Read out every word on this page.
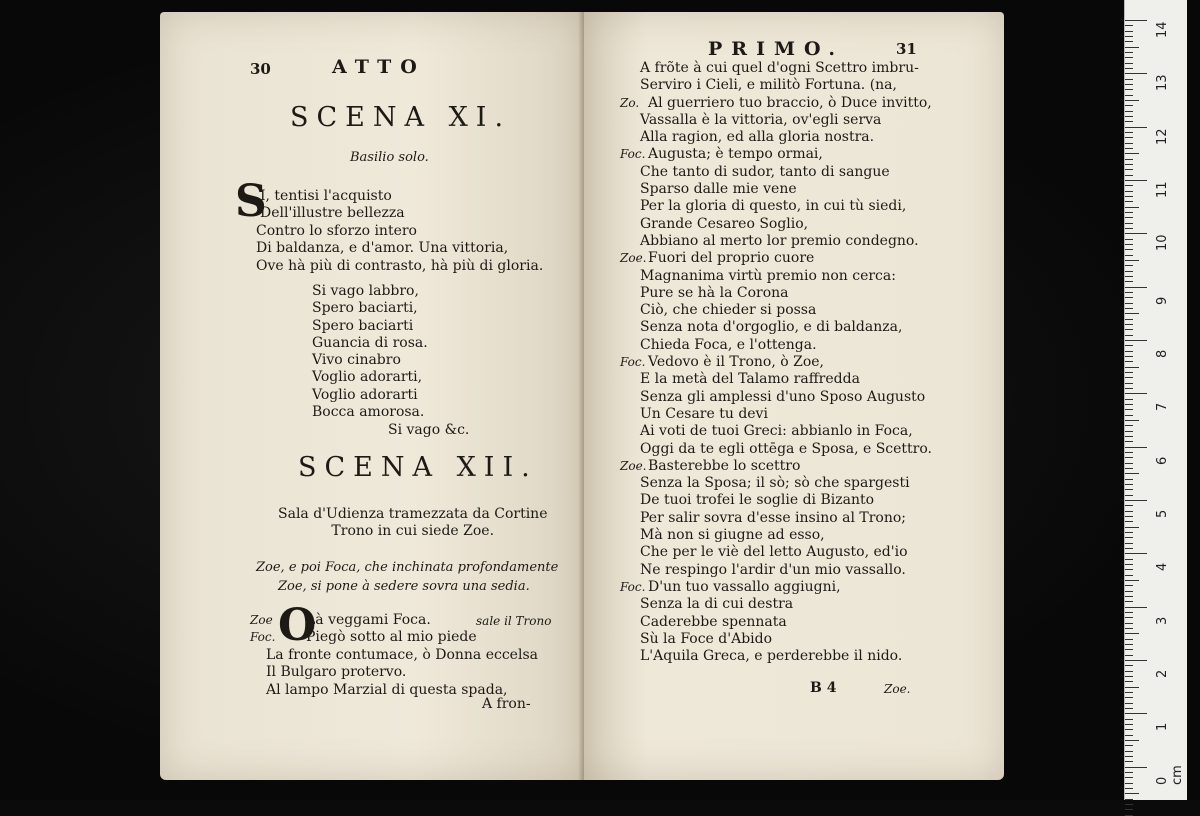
30	ATTO
SCENA XI.
Basilio solo.
S
I, tentisi l'acquisto
Dell'illustre bellezza
Contro lo sforzo intero
Di baldanza, e d'amor. Una vittoria,
Ove hà più di contrasto, hà più di gloria.
Si vago labbro,
Spero baciarti,
Spero baciarti
Guancia di rosa.
Vivo cinabro
Voglio adorarti,
Voglio adorarti
Bocca amorosa.
Si vago &c.
SCENA XII.
Sala d'Udienza tramezzata da Cortine
Trono in cui siede Zoe.
Zoe, e poi Foca, che inchinata profondamente
Zoe, si pone à sedere sovra una sedia.
Zoe
Foc. O
Là veggami Foca.
Piegò sotto al mio piede
sale il Trono
La fronte contumace, ò Donna eccelsa
Il Bulgaro protervo.
Al lampo Marzial di questa spada,
A fron-
PRIMO.	31
A frõte à cui quel d'ogni Scettro imbru-
Serviro i Cieli, e militò Fortuna. (na,
Zo. Al guerriero tuo braccio, ò Duce invitto,
Vassalla è la vittoria, ov'egli serva
Alla ragion, ed alla gloria nostra.
Foc. Augusta; è tempo ormai,
Che tanto di sudor, tanto di sangue
Sparso dalle mie vene
Per la gloria di questo, in cui tù siedi,
Grande Cesareo Soglio,
Abbiano al merto lor premio condegno.
Zoe. Fuori del proprio cuore
Magnanima virtù premio non cerca:
Pure se hà la Corona
Ciò, che chieder si possa
Senza nota d'orgoglio, e di baldanza,
Chieda Foca, e l'ottenga.
Foc. Vedovo è il Trono, ò Zoe,
E la metà del Talamo raffredda
Senza gli amplessi d'uno Sposo Augusto
Un Cesare tu devi
Ai voti de tuoi Greci: abbianlo in Foca,
Oggi da te egli ottēga e Sposa, e Scettro.
Zoe. Basterebbe lo scettro
Senza la Sposa; il sò; sò che spargesti
De tuoi trofei le soglie di Bizanto
Per salir sovra d'esse insino al Trono;
Mà non si giugne ad esso,
Che per le viè del letto Augusto, ed'io
Ne respingo l'ardir d'un mio vassallo.
Foc. D'un tuo vassallo aggiugni,
Senza la di cui destra
Caderebbe spennata
Sù la Foce d'Abido
L'Aquila Greca, e perderebbe il nido.
B 4	Zoe.
14
13
12
11
10
9
8
7
6
5
4
3
2
1
0 cm
